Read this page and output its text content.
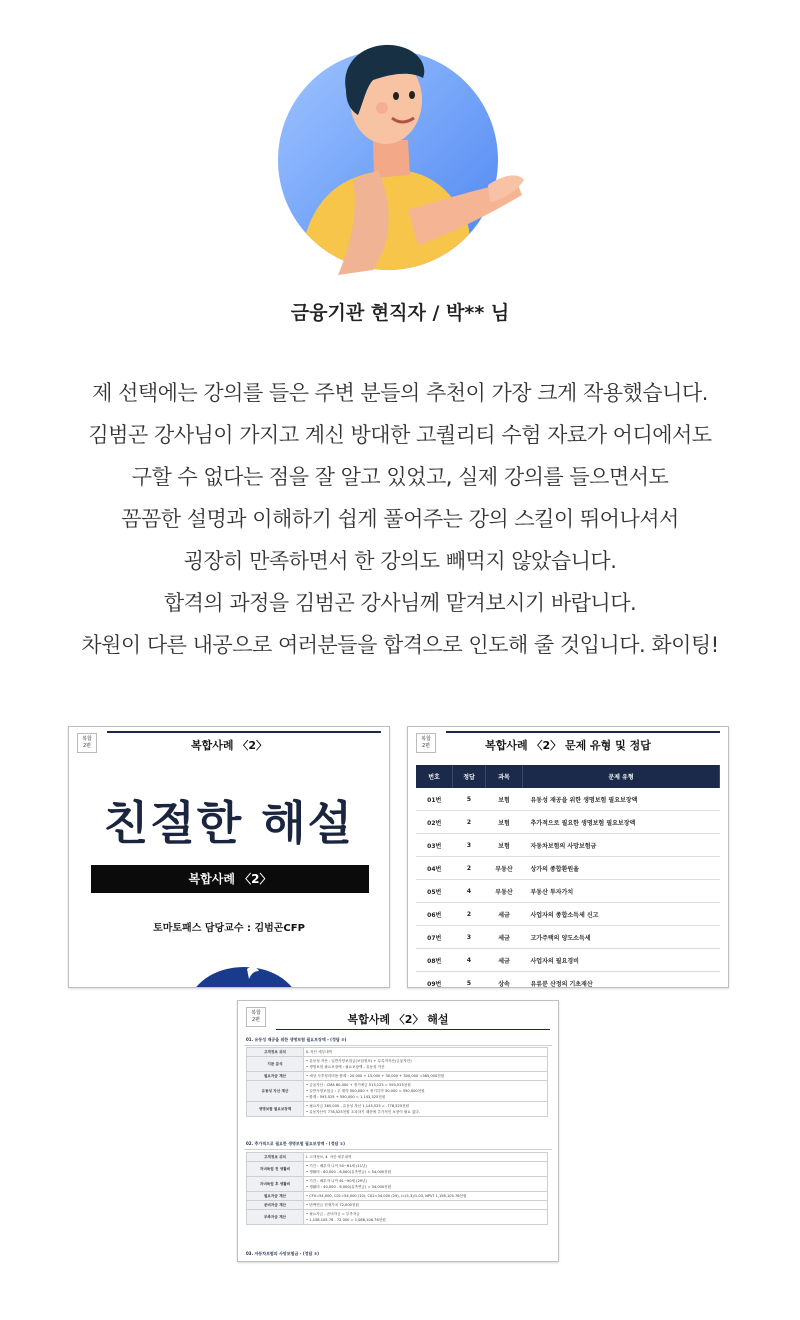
금융기관 현직자 / 박** 님

제 선택에는 강의를 들은 주변 분들의 추천이 가장 크게 작용했습니다.

김범곤 강사님이 가지고 계신 방대한 고퀄리티 수험 자료가 어디에서도

구할 수 없다는 점을 잘 알고 있었고, 실제 강의를 들으면서도

꼼꼼한 설명과 이해하기 쉽게 풀어주는 강의 스킬이 뛰어나셔서

굉장히 만족하면서 한 강의도 빼먹지 않았습니다.

합격의 과정을 김범곤 강사님께 맡겨보시기 바랍니다.

차원이 다른 내공으로 여러분들을 합격으로 인도해 줄 것입니다. 화이팅!

복합
2편	복합사례 〈2〉
친절한 해설
복합사례 〈2〉
토마토패스 담당교수 : 김범곤CFP
복합
2편	복합사례 〈2〉 문제 유형 및 정답
번호	정답	과목	문제 유형
01번	5	보험	유동성 재공을 위한 생명보험 필요보장액
02번	2	보험	추가적으로 필요한 생명보험 필요보장액
03번	3	보험	자동차보험의 사망보험금
04번	2	부동산	상가의 종합환원율
05번	4	부동산	부동산 투자가치
06번	2	세금	사업자의 종합소득세 신고
07번	3	세금	고가주택의 양도소득세
08번	4	세금	사업자의 필요경비
09번	5	상속	유류분 산정의 기초재산
복합
2편	복합사례 〈2〉 해설
01. 유동성 재공을 위한 생명보험 필요보장액 - (정답 ⑤)
고객정보 위치	Ⅱ. 자산 세부내역
지문 분석	• 유동성 자산 : 일반사망보험금(보험정보) + 무록적자산(금융자산)
• 생명보험 필요보장액 : 필요보장액 - 유동성 자산
필요자금 계산	• 예상 사후정리비용 합계 : 20,000 + 15,000 + 30,000 + 300,000 =365,000천원
유동성 자산 계산	• 금융자산 : CMA 80,400 + 정기예금 513,125 = 593,525천원
• 일반사망보험금 : 주 계약 500,000 + 정기특약 50,000 = 550,000천원
• 합계 : 593,525 + 550,000 = 1,143,525천원
생명보험 필요보장액	• 필요자금 365,000 - 유동성 자산 1,143,525 = -778,525천원
• 유동자산이 778,525천원 초과하기 때문에 추가적인 보장이 필요 없다.
02. 추가적으로 필요한 생명보험 필요보장액 - (정답 ②)
고객정보 위치	Ⅰ. 고객정보, Ⅱ. 자산 세부내역
자녀독립 전 생활비	• 기간 : 배우자 나이 50~61세 (11년)
• 생활비 : 60,000 - 6,000(유족연금) = 54,000천원
자녀독립 후 생활비	• 기간 : 배우자 나이 61~90세 (29년)
• 생활비 : 40,000 - 6,000(유족연금) = 34,000천원
필요자금 계산	• CF0=54,000, C01=54,000 (10), C02=34,000 (29), I=(5-3)/1.03, NPV? 1,158,105.76천원
준비자금 계산	• 변액연금 현재가치 72,000천원
부족자금 계산	• 필요자금 - 준비자금 = 부족자금
• 1,158,105.76 - 72,000 = 1,086,106.76천원
03. 자동차보험의 사망보험금 - (정답 ③)
